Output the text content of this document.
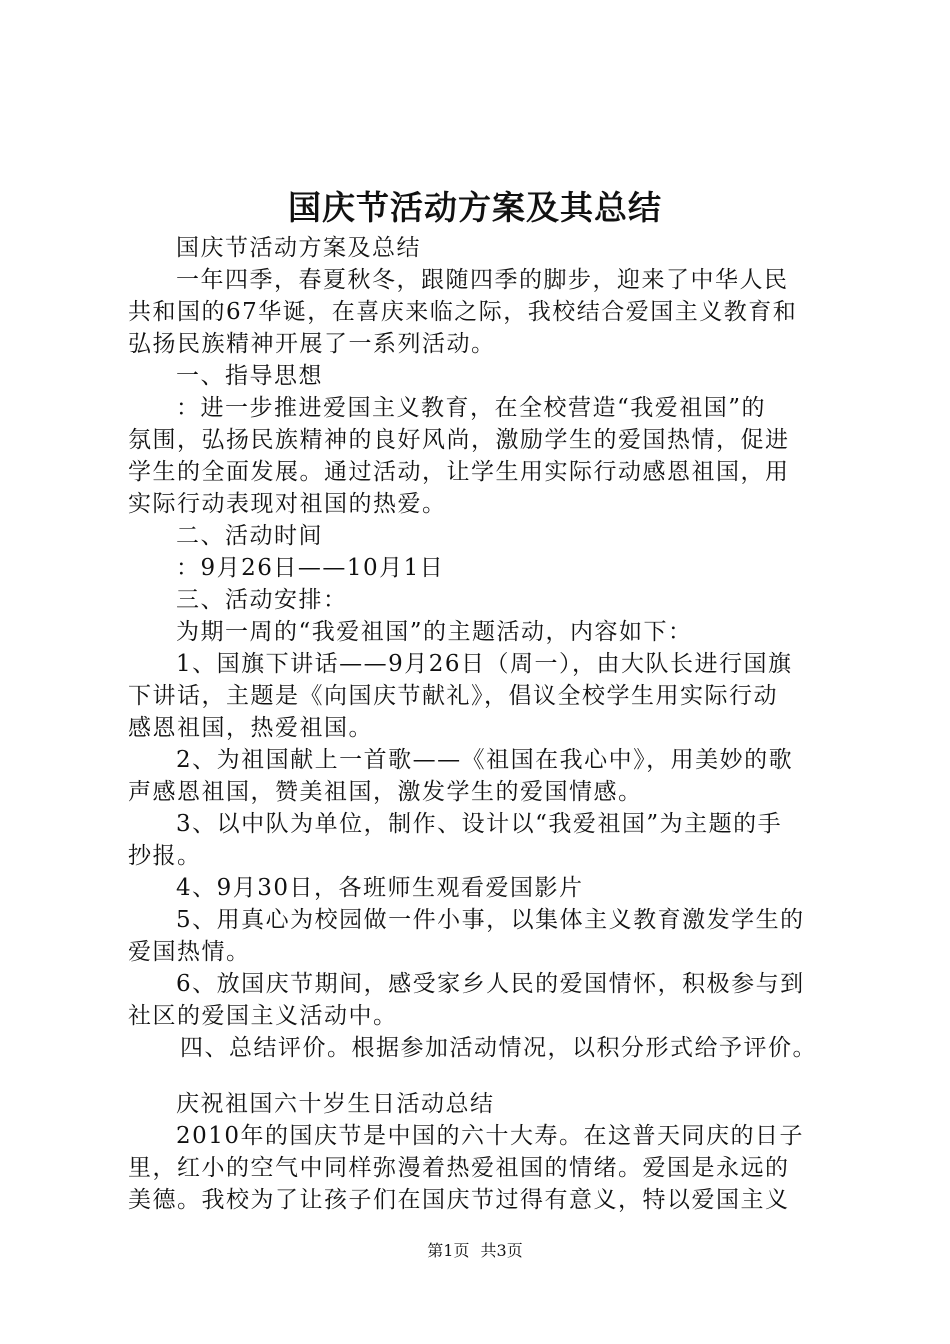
国庆节活动方案及其总结
国庆节活动方案及总结
一年四季，春夏秋冬，跟随四季的脚步，迎来了中华人民
共和国的67华诞，在喜庆来临之际，我校结合爱国主义教育和
弘扬民族精神开展了一系列活动。
一、指导思想
：进一步推进爱国主义教育，在全校营造“我爱祖国”的
氛围，弘扬民族精神的良好风尚，激励学生的爱国热情，促进
学生的全面发展。通过活动，让学生用实际行动感恩祖国，用
实际行动表现对祖国的热爱。
二、活动时间
：9月26日——10月1日
三、活动安排：
为期一周的“我爱祖国”的主题活动，内容如下：
1、国旗下讲话——9月26日（周一），由大队长进行国旗
下讲话，主题是《向国庆节献礼》，倡议全校学生用实际行动
感恩祖国，热爱祖国。
2、为祖国献上一首歌——《祖国在我心中》，用美妙的歌
声感恩祖国，赞美祖国，激发学生的爱国情感。
3、以中队为单位，制作、设计以“我爱祖国”为主题的手
抄报。
4、9月30日，各班师生观看爱国影片
5、用真心为校园做一件小事，以集体主义教育激发学生的
爱国热情。
6、放国庆节期间，感受家乡人民的爱国情怀，积极参与到
社区的爱国主义活动中。
四、总结评价。根据参加活动情况，以积分形式给予评价。
庆祝祖国六十岁生日活动总结
2010年的国庆节是中国的六十大寿。在这普天同庆的日子
里，红小的空气中同样弥漫着热爱祖国的情绪。爱国是永远的
美德。我校为了让孩子们在国庆节过得有意义，特以爱国主义
第1页 共3页
